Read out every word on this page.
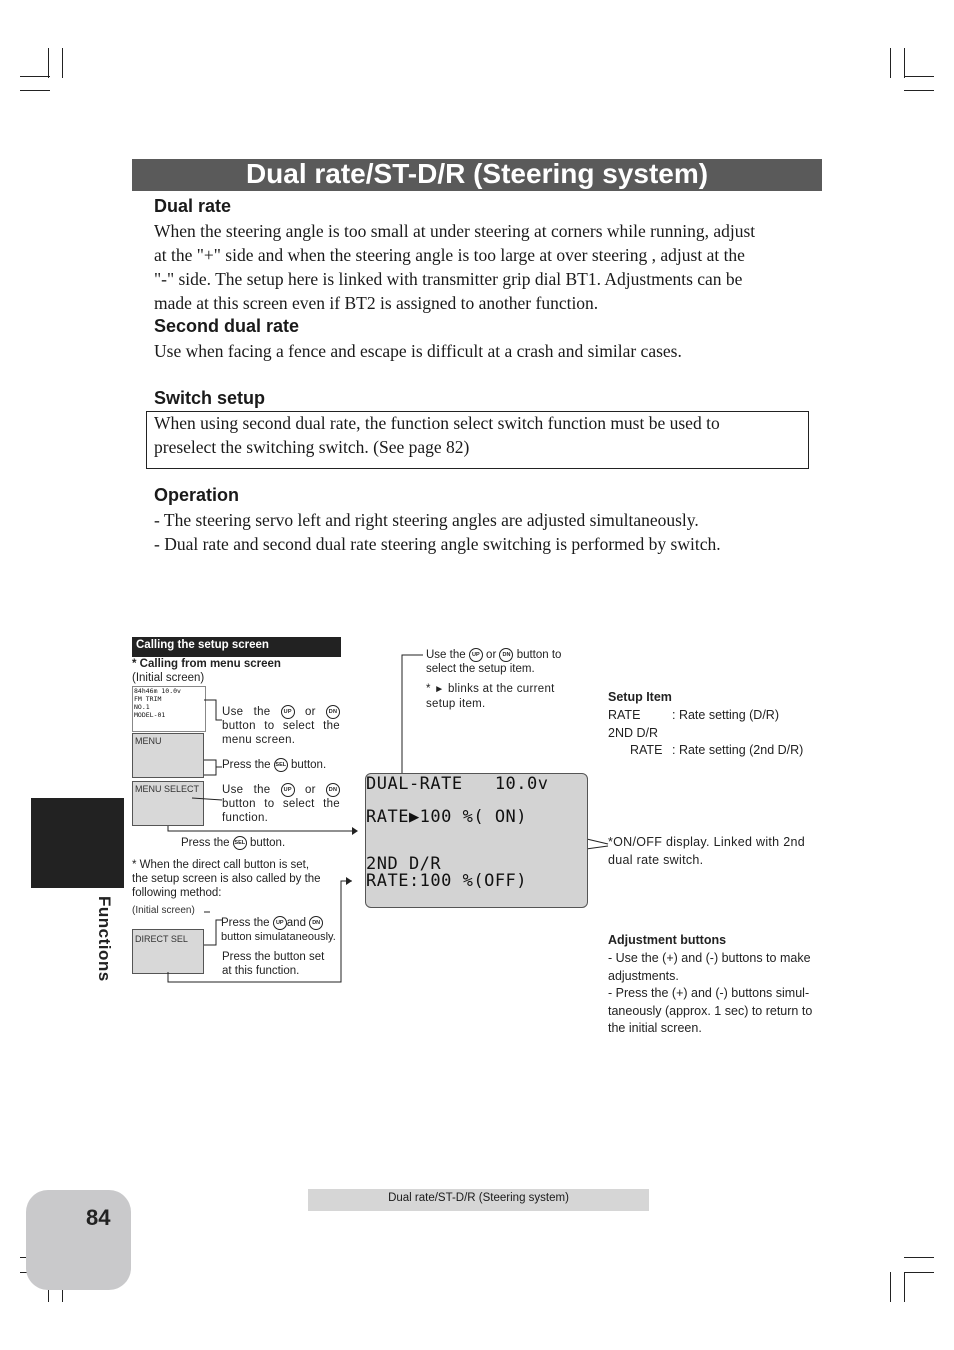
Dual rate/ST-D/R (Steering system)
Dual rate
When the steering angle is too small at under steering at corners while running, adjust
at the "+" side and when the steering angle is too large at over steering , adjust at the
"-" side. The setup here is linked with transmitter grip dial BT1. Adjustments can be
made at this screen even if BT2 is assigned to another function.
Second dual rate
Use when facing a fence and escape is difficult at a crash and similar cases.
Switch setup
When using second dual rate, the function select switch function must be used to
preselect the switching switch. (See page 82)
Operation
- The steering servo left and right steering angles are adjusted simultaneously.
- Dual rate and second dual rate steering angle switching is performed by switch.
Functions
Calling the setup screen
* Calling from menu screen
(Initial screen)
84h46m 10.0v
FM TRIM
NO.1
MODEL-01	Use the UP or DN button to select the menu screen.
MENU
Press the SEL button.
MENU SELECT Use the UP or DN button to select the function.
Press the SEL button.
* When the direct call button is set,
the setup screen is also called by the
following method:
(Initial screen)
Press the UP and DN
button simulataneously.
DIRECT SEL
Press the button set
at this function.
DUAL-RATE   10.0v
RATE▶100 %( ON)
2ND D/R
RATE:100 %(OFF)
Use the UP or DN button to
select the setup item.
* ► blinks at the current
setup item.	Setup Item
RATE	: Rate setting (D/R)
2ND D/R
RATE : Rate setting (2nd D/R)
*ON/OFF display. Linked with 2nd
dual rate switch.
Adjustment buttons
- Use the (+) and (-) buttons to make
adjustments.
- Press the (+) and (-) buttons simul-
taneously (approx. 1 sec) to return to
the initial screen.
84
Dual rate/ST-D/R (Steering system)
